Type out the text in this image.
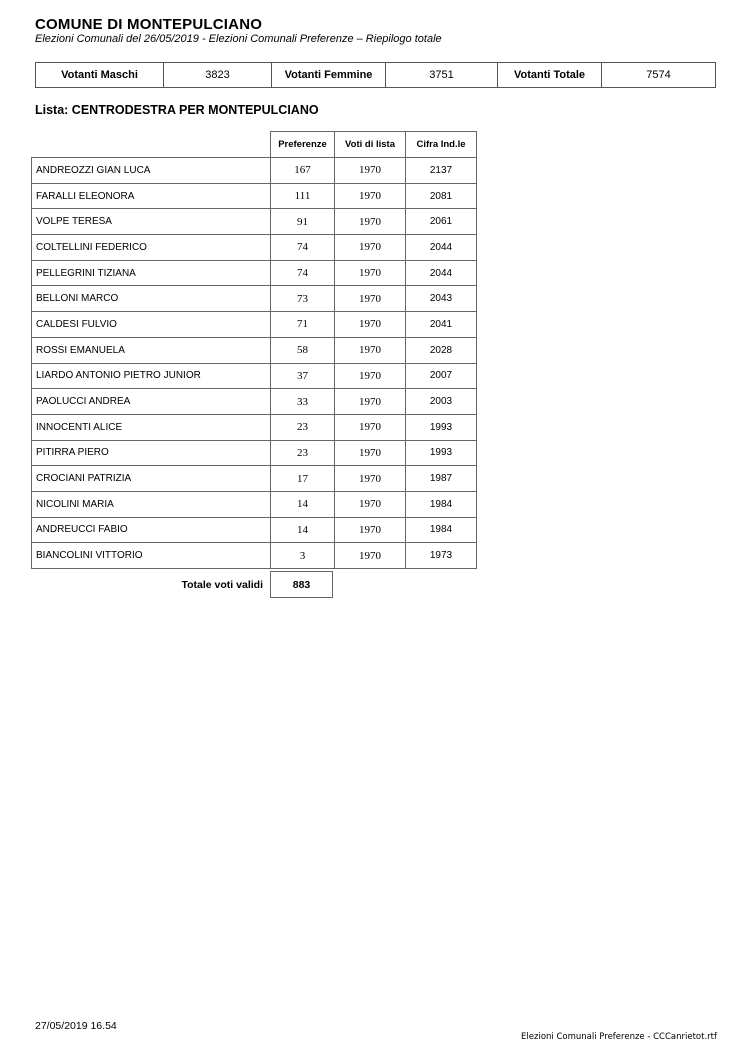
COMUNE DI MONTEPULCIANO
Elezioni Comunali del 26/05/2019 - Elezioni Comunali Preferenze – Riepilogo totale
Votanti Maschi	3823	Votanti Femmine	3751	Votanti Totale	7574
Lista: CENTRODESTRA PER MONTEPULCIANO
	Preferenze	Voti di lista	Cifra Ind.le
ANDREOZZI GIAN LUCA	167	1970	2137
FARALLI ELEONORA	111	1970	2081
VOLPE TERESA	91	1970	2061
COLTELLINI FEDERICO	74	1970	2044
PELLEGRINI TIZIANA	74	1970	2044
BELLONI MARCO	73	1970	2043
CALDESI FULVIO	71	1970	2041
ROSSI EMANUELA	58	1970	2028
LIARDO ANTONIO PIETRO JUNIOR	37	1970	2007
PAOLUCCI ANDREA	33	1970	2003
INNOCENTI ALICE	23	1970	1993
PITIRRA PIERO	23	1970	1993
CROCIANI PATRIZIA	17	1970	1987
NICOLINI MARIA	14	1970	1984
ANDREUCCI FABIO	14	1970	1984
BIANCOLINI VITTORIO	3	1970	1973
Totale voti validi	883
27/05/2019 16.54
Elezioni Comunali Preferenze - CCCanrietot.rtf
